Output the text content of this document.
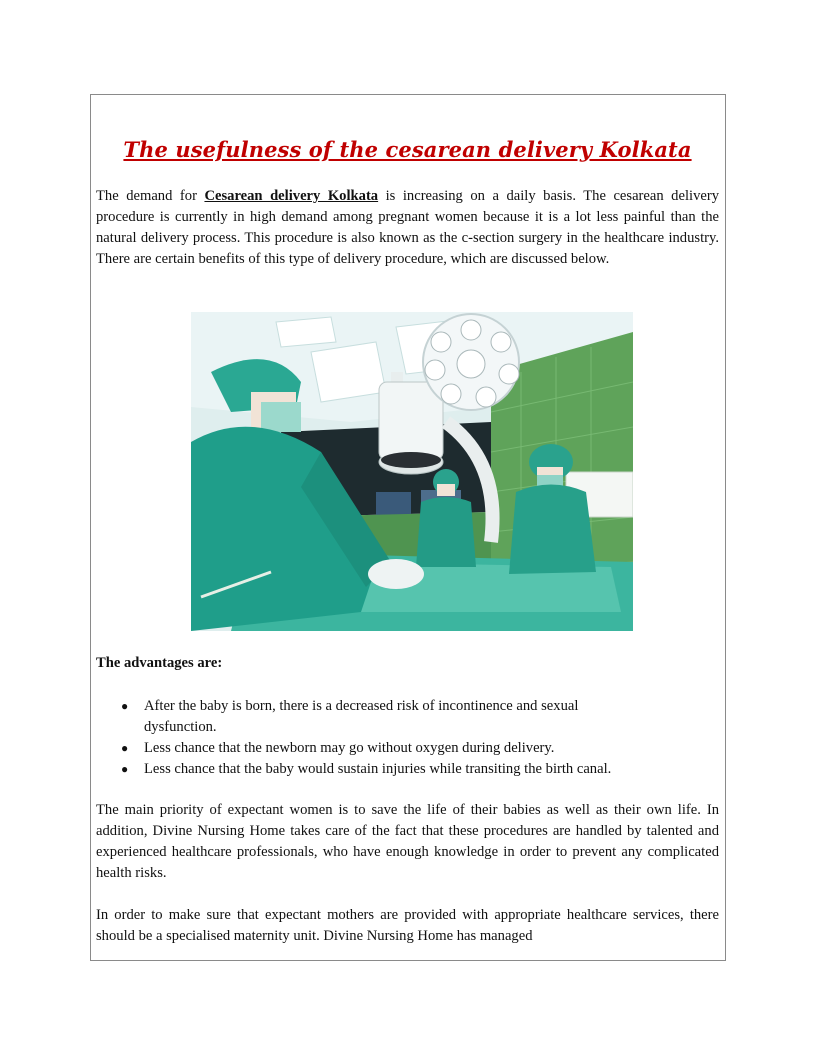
The usefulness of the cesarean delivery Kolkata

The demand for Cesarean delivery Kolkata is increasing on a daily basis. The cesarean delivery procedure is currently in high demand among pregnant women because it is a lot less painful than the natural delivery process. This procedure is also known as the c-section surgery in the healthcare industry. There are certain benefits of this type of delivery procedure, which are discussed below.

The advantages are:
● After the baby is born, there is a decreased risk of incontinence and sexual dysfunction.
● Less chance that the newborn may go without oxygen during delivery.
● Less chance that the baby would sustain injuries while transiting the birth canal.

The main priority of expectant women is to save the life of their babies as well as their own life. In addition, Divine Nursing Home takes care of the fact that these procedures are handled by talented and experienced healthcare professionals, who have enough knowledge in order to prevent any complicated health risks.

In order to make sure that expectant mothers are provided with appropriate healthcare services, there should be a specialised maternity unit. Divine Nursing Home has managed
